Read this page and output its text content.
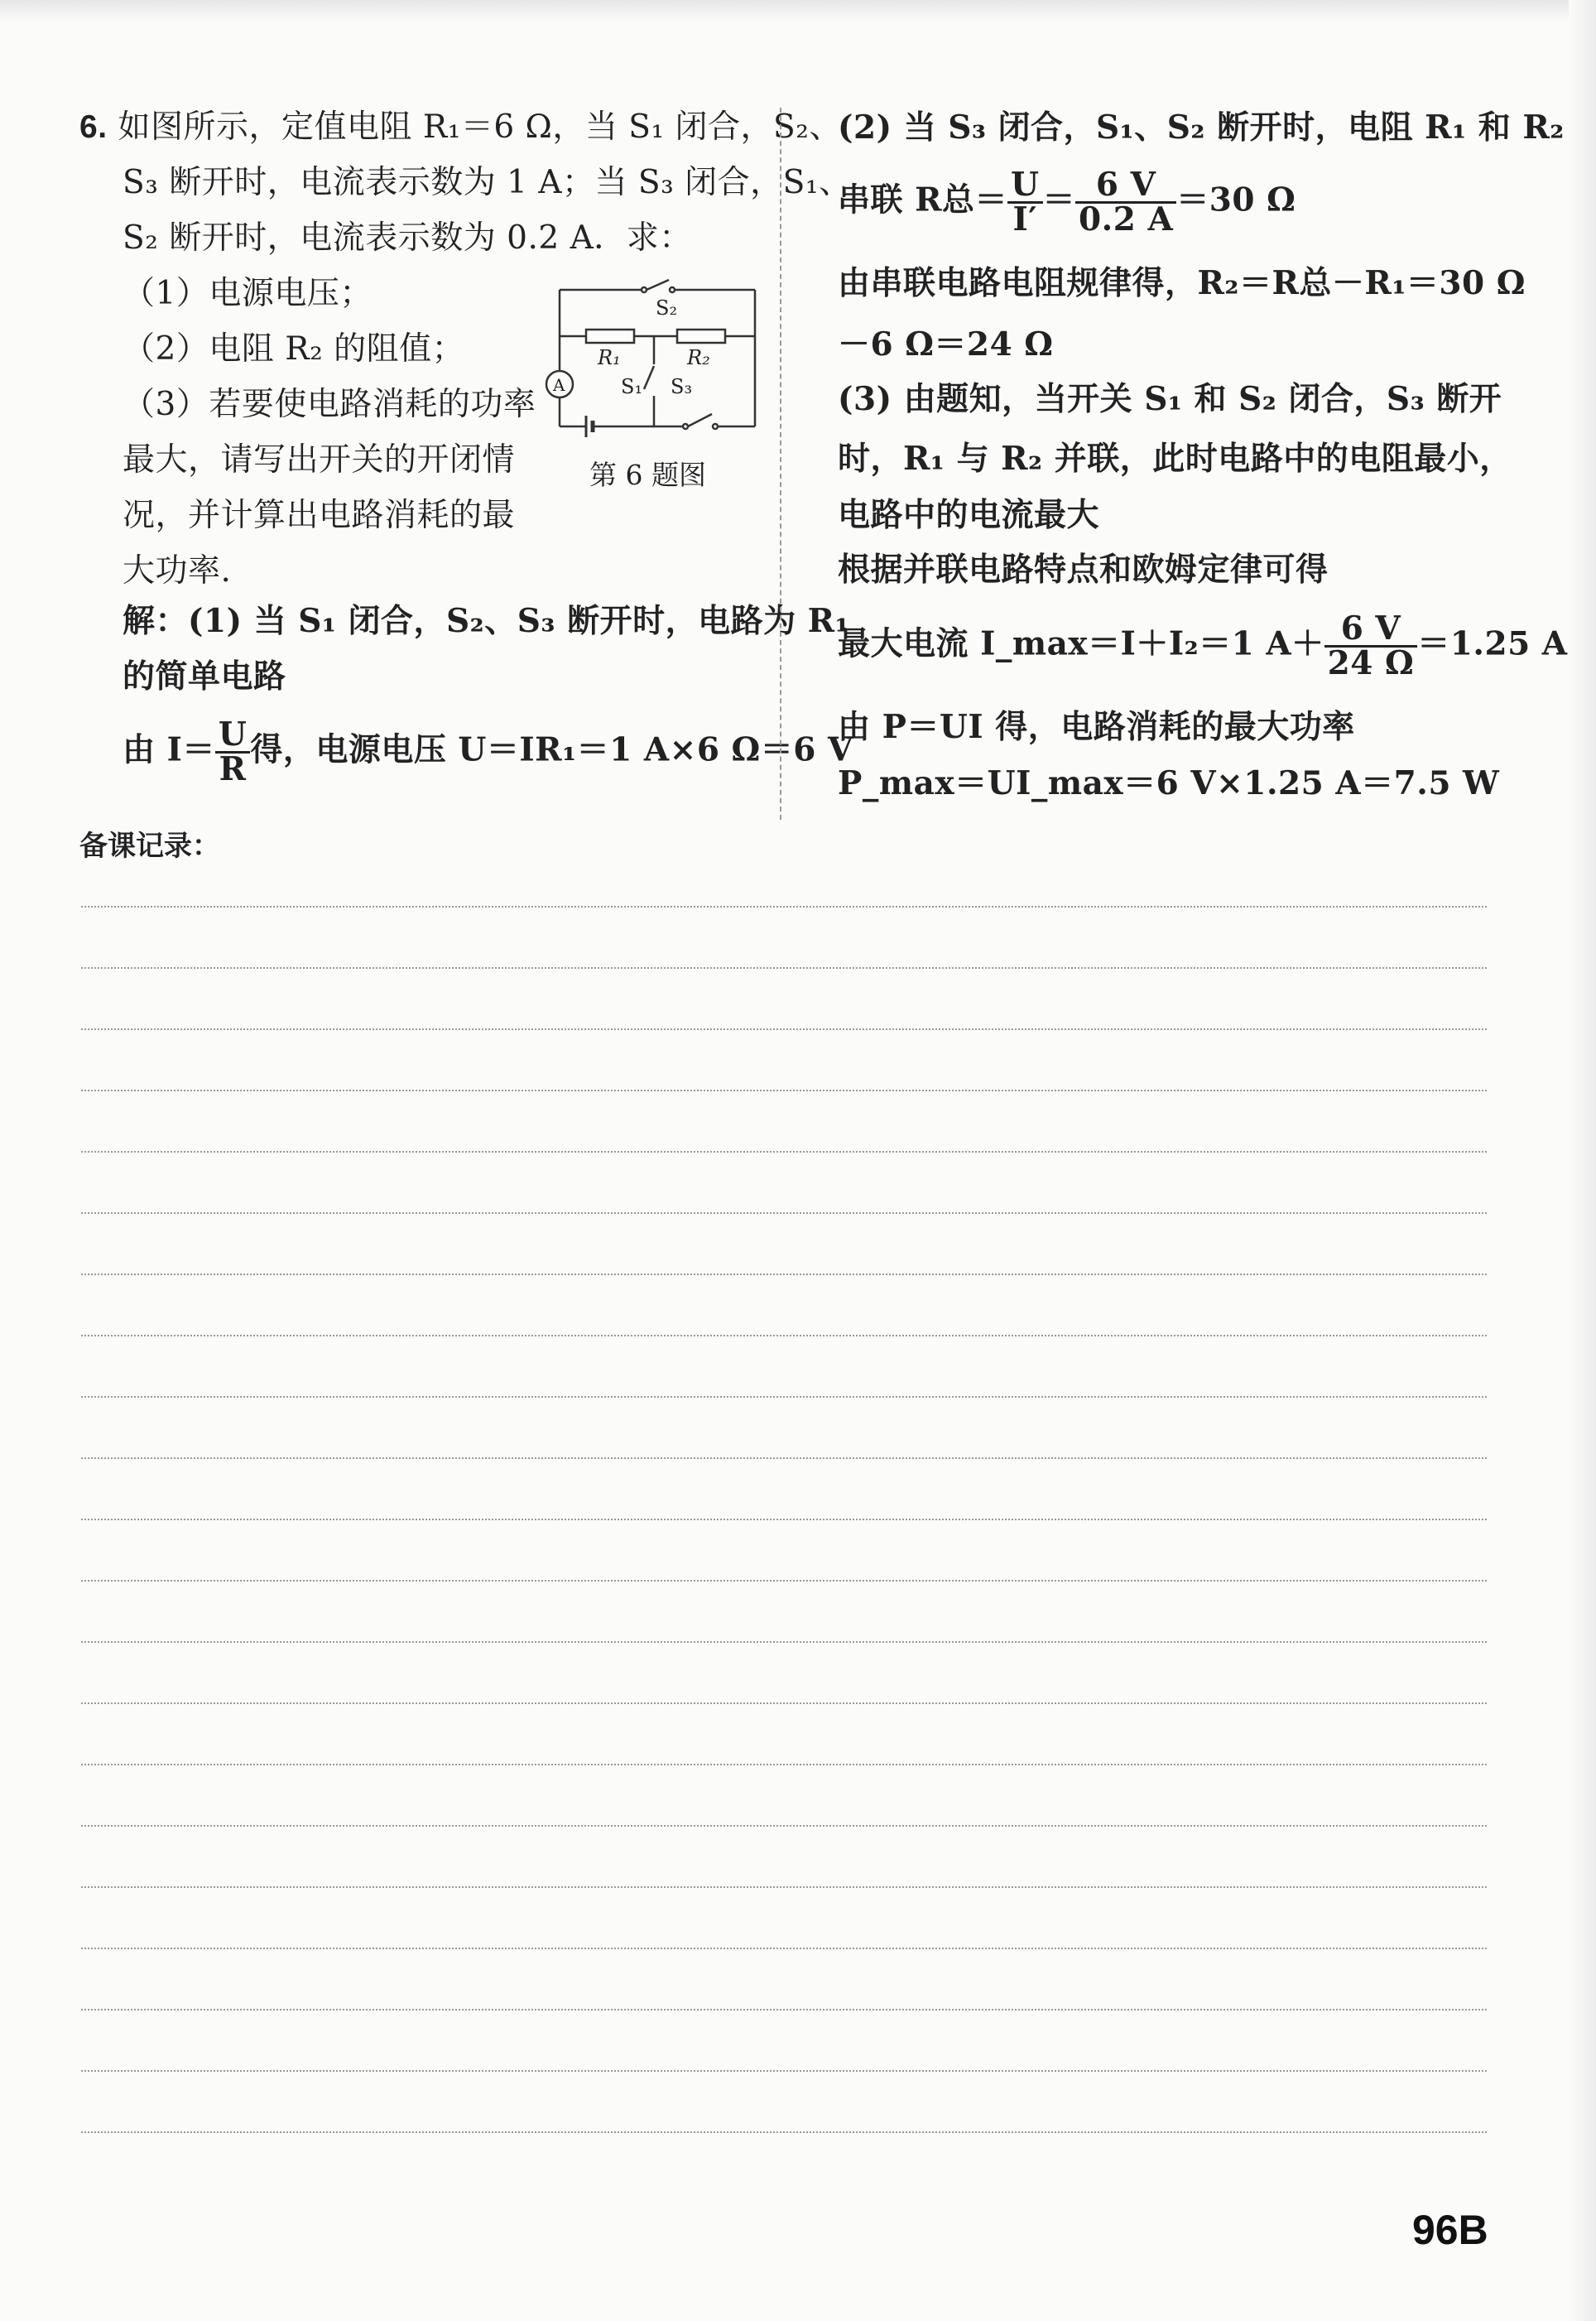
6. 如图所示，定值电阻 R₁＝6 Ω，当 S₁ 闭合，S₂、
S₃ 断开时，电流表示数为 1 A；当 S₃ 闭合，S₁、
S₂ 断开时，电流表示数为 0.2 A．求：
（1）电源电压；
（2）电阻 R₂ 的阻值；
（3）若要使电路消耗的功率
最大，请写出开关的开闭情
况，并计算出电路消耗的最
大功率.
S₂
R₁	R₂
S₁ S₃
A
第 6 题图
解：(1) 当 S₁ 闭合，S₂、S₃ 断开时，电路为 R₁
的简单电路
由 $I= \frac{U}{R}$ 得，电源电压 U＝IR₁＝1 A×6 Ω＝6 V
(2) 当 S₃ 闭合，S₁、S₂ 断开时，电阻 R₁ 和 R₂
串联 R总＝ $\frac{U}{I'} = \frac{6 V}{0.2 A} =30$ Ω
由串联电路电阻规律得，R₂＝R总－R₁＝30 Ω
－6 Ω＝24 Ω
(3) 由题知，当开关 S₁ 和 S₂ 闭合，S₃ 断开
时，R₁ 与 R₂ 并联，此时电路中的电阻最小，
电路中的电流最大
根据并联电路特点和欧姆定律可得
最大电流 I_max＝I＋I₂＝1 $A+ \frac{6 V}{24 \Omega} =1.25$ A
由 P＝UI 得，电路消耗的最大功率
P_max＝UI_max＝6 V×1.25 A＝7.5 W
备课记录：
96B
